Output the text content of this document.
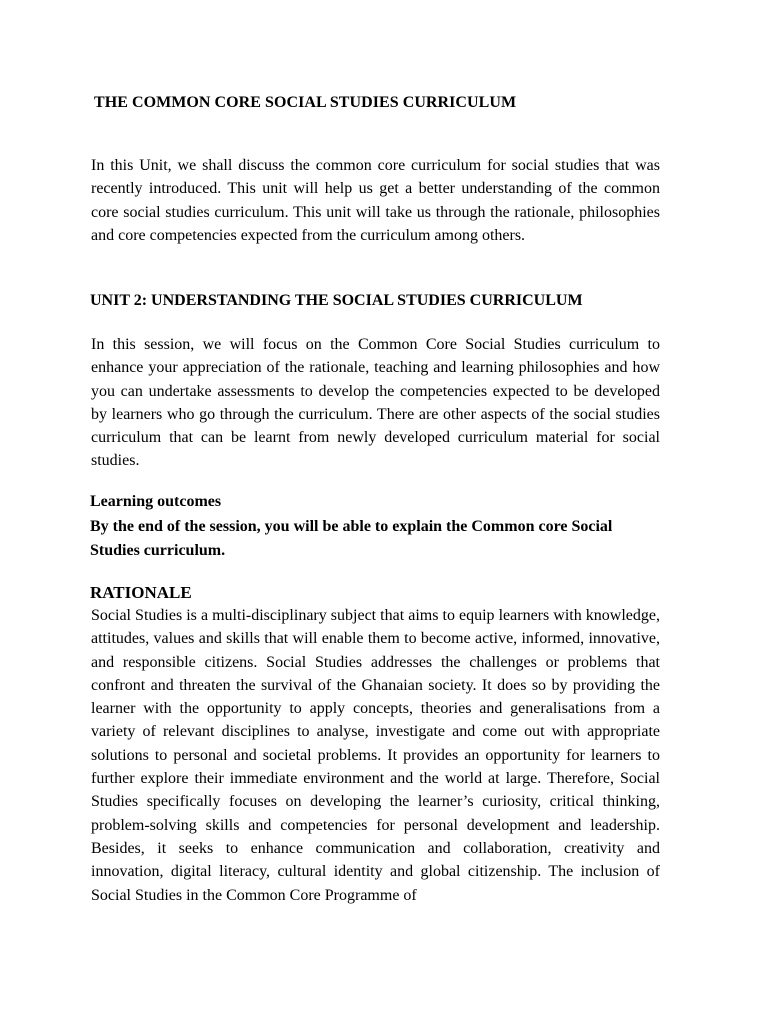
THE COMMON CORE SOCIAL STUDIES CURRICULUM
In this Unit, we shall discuss the common core curriculum for social studies that was recently introduced. This unit will help us get a better understanding of the common core social studies curriculum. This unit will take us through the rationale, philosophies and core competencies expected from the curriculum among others.
UNIT 2: UNDERSTANDING THE SOCIAL STUDIES CURRICULUM
In this session, we will focus on the Common Core Social Studies curriculum to enhance your appreciation of the rationale, teaching and learning philosophies and how you can undertake assessments to develop the competencies expected to be developed by learners who go through the curriculum. There are other aspects of the social studies curriculum that can be learnt from newly developed curriculum material for social studies.
Learning outcomes
By the end of the session, you will be able to explain the Common core Social Studies curriculum.
RATIONALE
Social Studies is a multi-disciplinary subject that aims to equip learners with knowledge, attitudes, values and skills that will enable them to become active, informed, innovative, and responsible citizens. Social Studies addresses the challenges or problems that confront and threaten the survival of the Ghanaian society. It does so by providing the learner with the opportunity to apply concepts, theories and generalisations from a variety of relevant disciplines to analyse, investigate and come out with appropriate solutions to personal and societal problems. It provides an opportunity for learners to further explore their immediate environment and the world at large. Therefore, Social Studies specifically focuses on developing the learner’s curiosity, critical thinking, problem-solving skills and competencies for personal development and leadership. Besides, it seeks to enhance communication and collaboration, creativity and innovation, digital literacy, cultural identity and global citizenship. The inclusion of Social Studies in the Common Core Programme of
